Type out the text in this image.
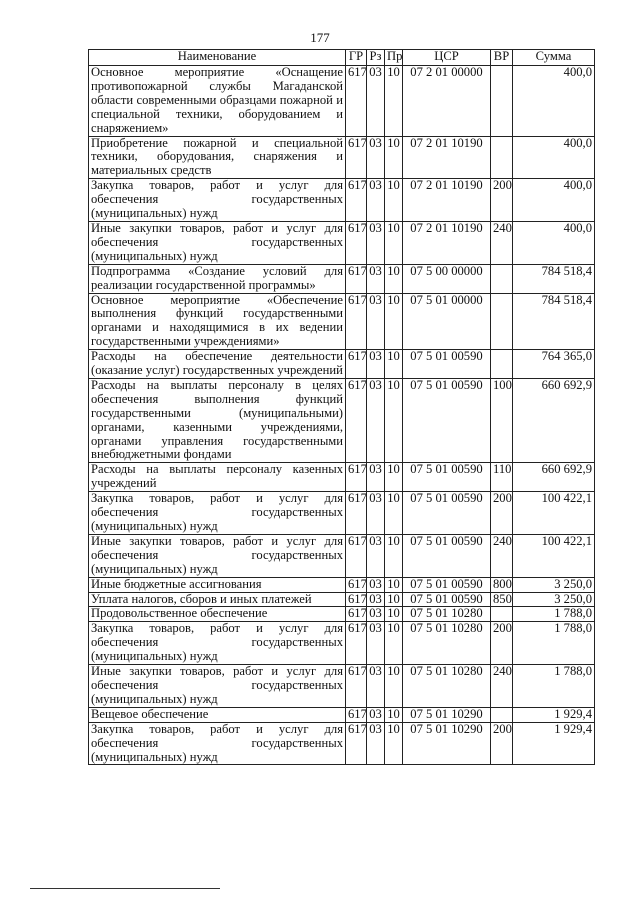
177
Наименование	ГР	Рз	Пр	ЦСР	ВР	Сумма
Основное мероприятие «Оснащение противопожарной службы Магаданской области современными образцами пожарной и специальной техники, оборудованием и снаряжением»	617	03	10	07 2 01 00000		400,0
Приобретение пожарной и специальной техники, оборудования, снаряжения и материальных средств	617	03	10	07 2 01 10190		400,0
Закупка товаров, работ и услуг для обеспечения государственных (муниципальных) нужд	617	03	10	07 2 01 10190	200	400,0
Иные закупки товаров, работ и услуг для обеспечения государственных (муниципальных) нужд	617	03	10	07 2 01 10190	240	400,0
Подпрограмма «Создание условий для реализации государственной программы»	617	03	10	07 5 00 00000		784 518,4
Основное мероприятие «Обеспечение выполнения функций государственными органами и находящимися в их ведении государственными учреждениями»	617	03	10	07 5 01 00000		784 518,4
Расходы на обеспечение деятельности (оказание услуг) государственных учреждений	617	03	10	07 5 01 00590		764 365,0
Расходы на выплаты персоналу в целях обеспечения выполнения функций государственными (муниципальными) органами, казенными учреждениями, органами управления государственными внебюджетными фондами	617	03	10	07 5 01 00590	100	660 692,9
Расходы на выплаты персоналу казенных учреждений	617	03	10	07 5 01 00590	110	660 692,9
Закупка товаров, работ и услуг для обеспечения государственных (муниципальных) нужд	617	03	10	07 5 01 00590	200	100 422,1
Иные закупки товаров, работ и услуг для обеспечения государственных (муниципальных) нужд	617	03	10	07 5 01 00590	240	100 422,1
Иные бюджетные ассигнования	617	03	10	07 5 01 00590	800	3 250,0
Уплата налогов, сборов и иных платежей	617	03	10	07 5 01 00590	850	3 250,0
Продовольственное обеспечение	617	03	10	07 5 01 10280		1 788,0
Закупка товаров, работ и услуг для обеспечения государственных (муниципальных) нужд	617	03	10	07 5 01 10280	200	1 788,0
Иные закупки товаров, работ и услуг для обеспечения государственных (муниципальных) нужд	617	03	10	07 5 01 10280	240	1 788,0
Вещевое обеспечение	617	03	10	07 5 01 10290		1 929,4
Закупка товаров, работ и услуг для обеспечения государственных (муниципальных) нужд	617	03	10	07 5 01 10290	200	1 929,4
